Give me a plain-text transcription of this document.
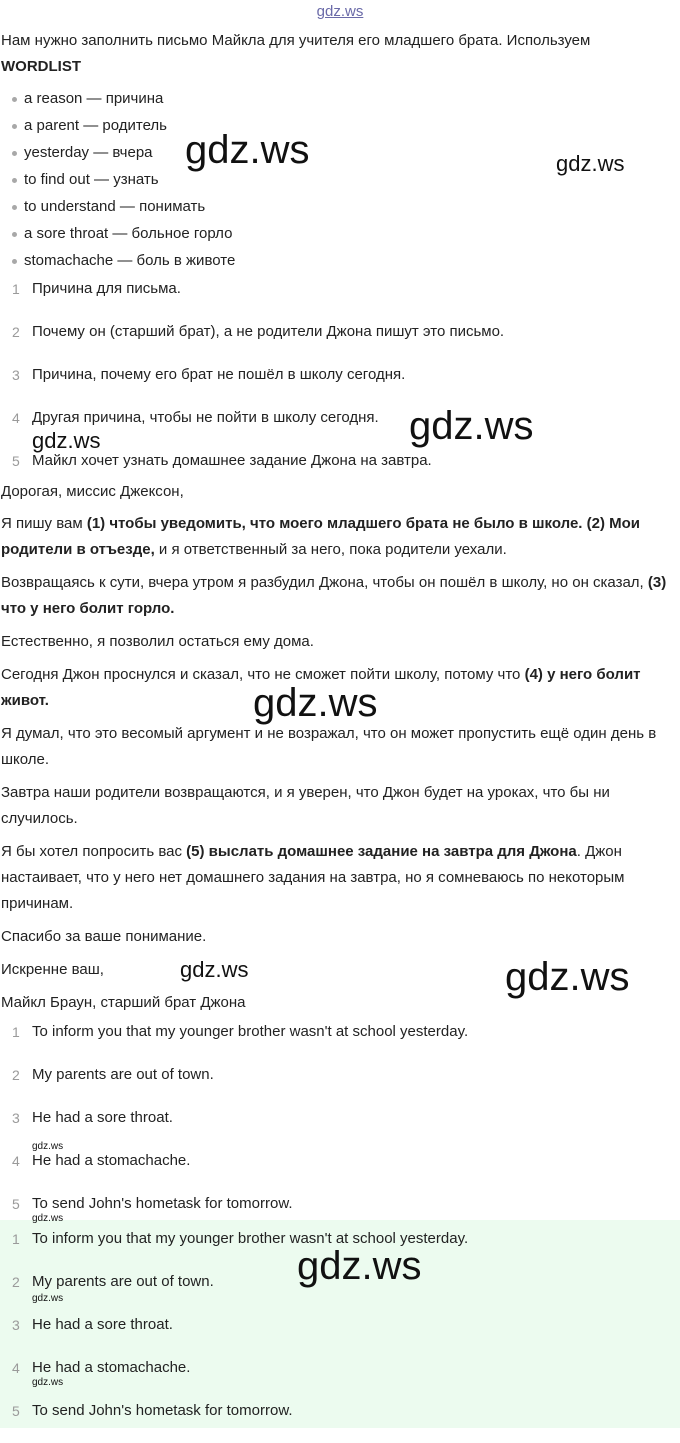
gdz.ws
Нам нужно заполнить письмо Майкла для учителя его младшего брата. Используем
WORDLIST
a reason — причина
a parent — родитель
yesterday — вчера
to find out — узнать
to understand — понимать
a sore throat — больное горло
stomachache — боль в животе
1 Причина для письма.
2 Почему он (старший брат), а не родители Джона пишут это письмо.
3 Причина, почему его брат не пошёл в школу сегодня.
4 Другая причина, чтобы не пойти в школу сегодня.
5 Майкл хочет узнать домашнее задание Джона на завтра.
Дорогая, миссис Джексон,
Я пишу вам (1) чтобы уведомить, что моего младшего брата не было в школе. (2) Мои родители в отъезде, и я ответственный за него, пока родители уехали.
Возвращаясь к сути, вчера утром я разбудил Джона, чтобы он пошёл в школу, но он сказал, (3) что у него болит горло.
Естественно, я позволил остаться ему дома.
Сегодня Джон проснулся и сказал, что не сможет пойти школу, потому что (4) у него болит живот.
Я думал, что это весомый аргумент и не возражал, что он может пропустить ещё один день в школе.
Завтра наши родители возвращаются, и я уверен, что Джон будет на уроках, что бы ни случилось.
Я бы хотел попросить вас (5) выслать домашнее задание на завтра для Джона. Джон настаивает, что у него нет домашнего задания на завтра, но я сомневаюсь по некоторым причинам.
Спасибо за ваше понимание.
Искренне ваш,
Майкл Браун, старший брат Джона
1 To inform you that my younger brother wasn't at school yesterday.
2 My parents are out of town.
3 He had a sore throat.
4 He had a stomachache.
5 To send John's hometask for tomorrow.
1 To inform you that my younger brother wasn't at school yesterday.
2 My parents are out of town.
3 He had a sore throat.
4 He had a stomachache.
5 To send John's hometask for tomorrow.
gdz.ws	gdz.ws
gdz.ws
gdz.ws
gdz.ws
gdz.ws	gdz.ws
gdz.ws
gdz.ws
gdz.ws
gdz.ws
gdz.ws
